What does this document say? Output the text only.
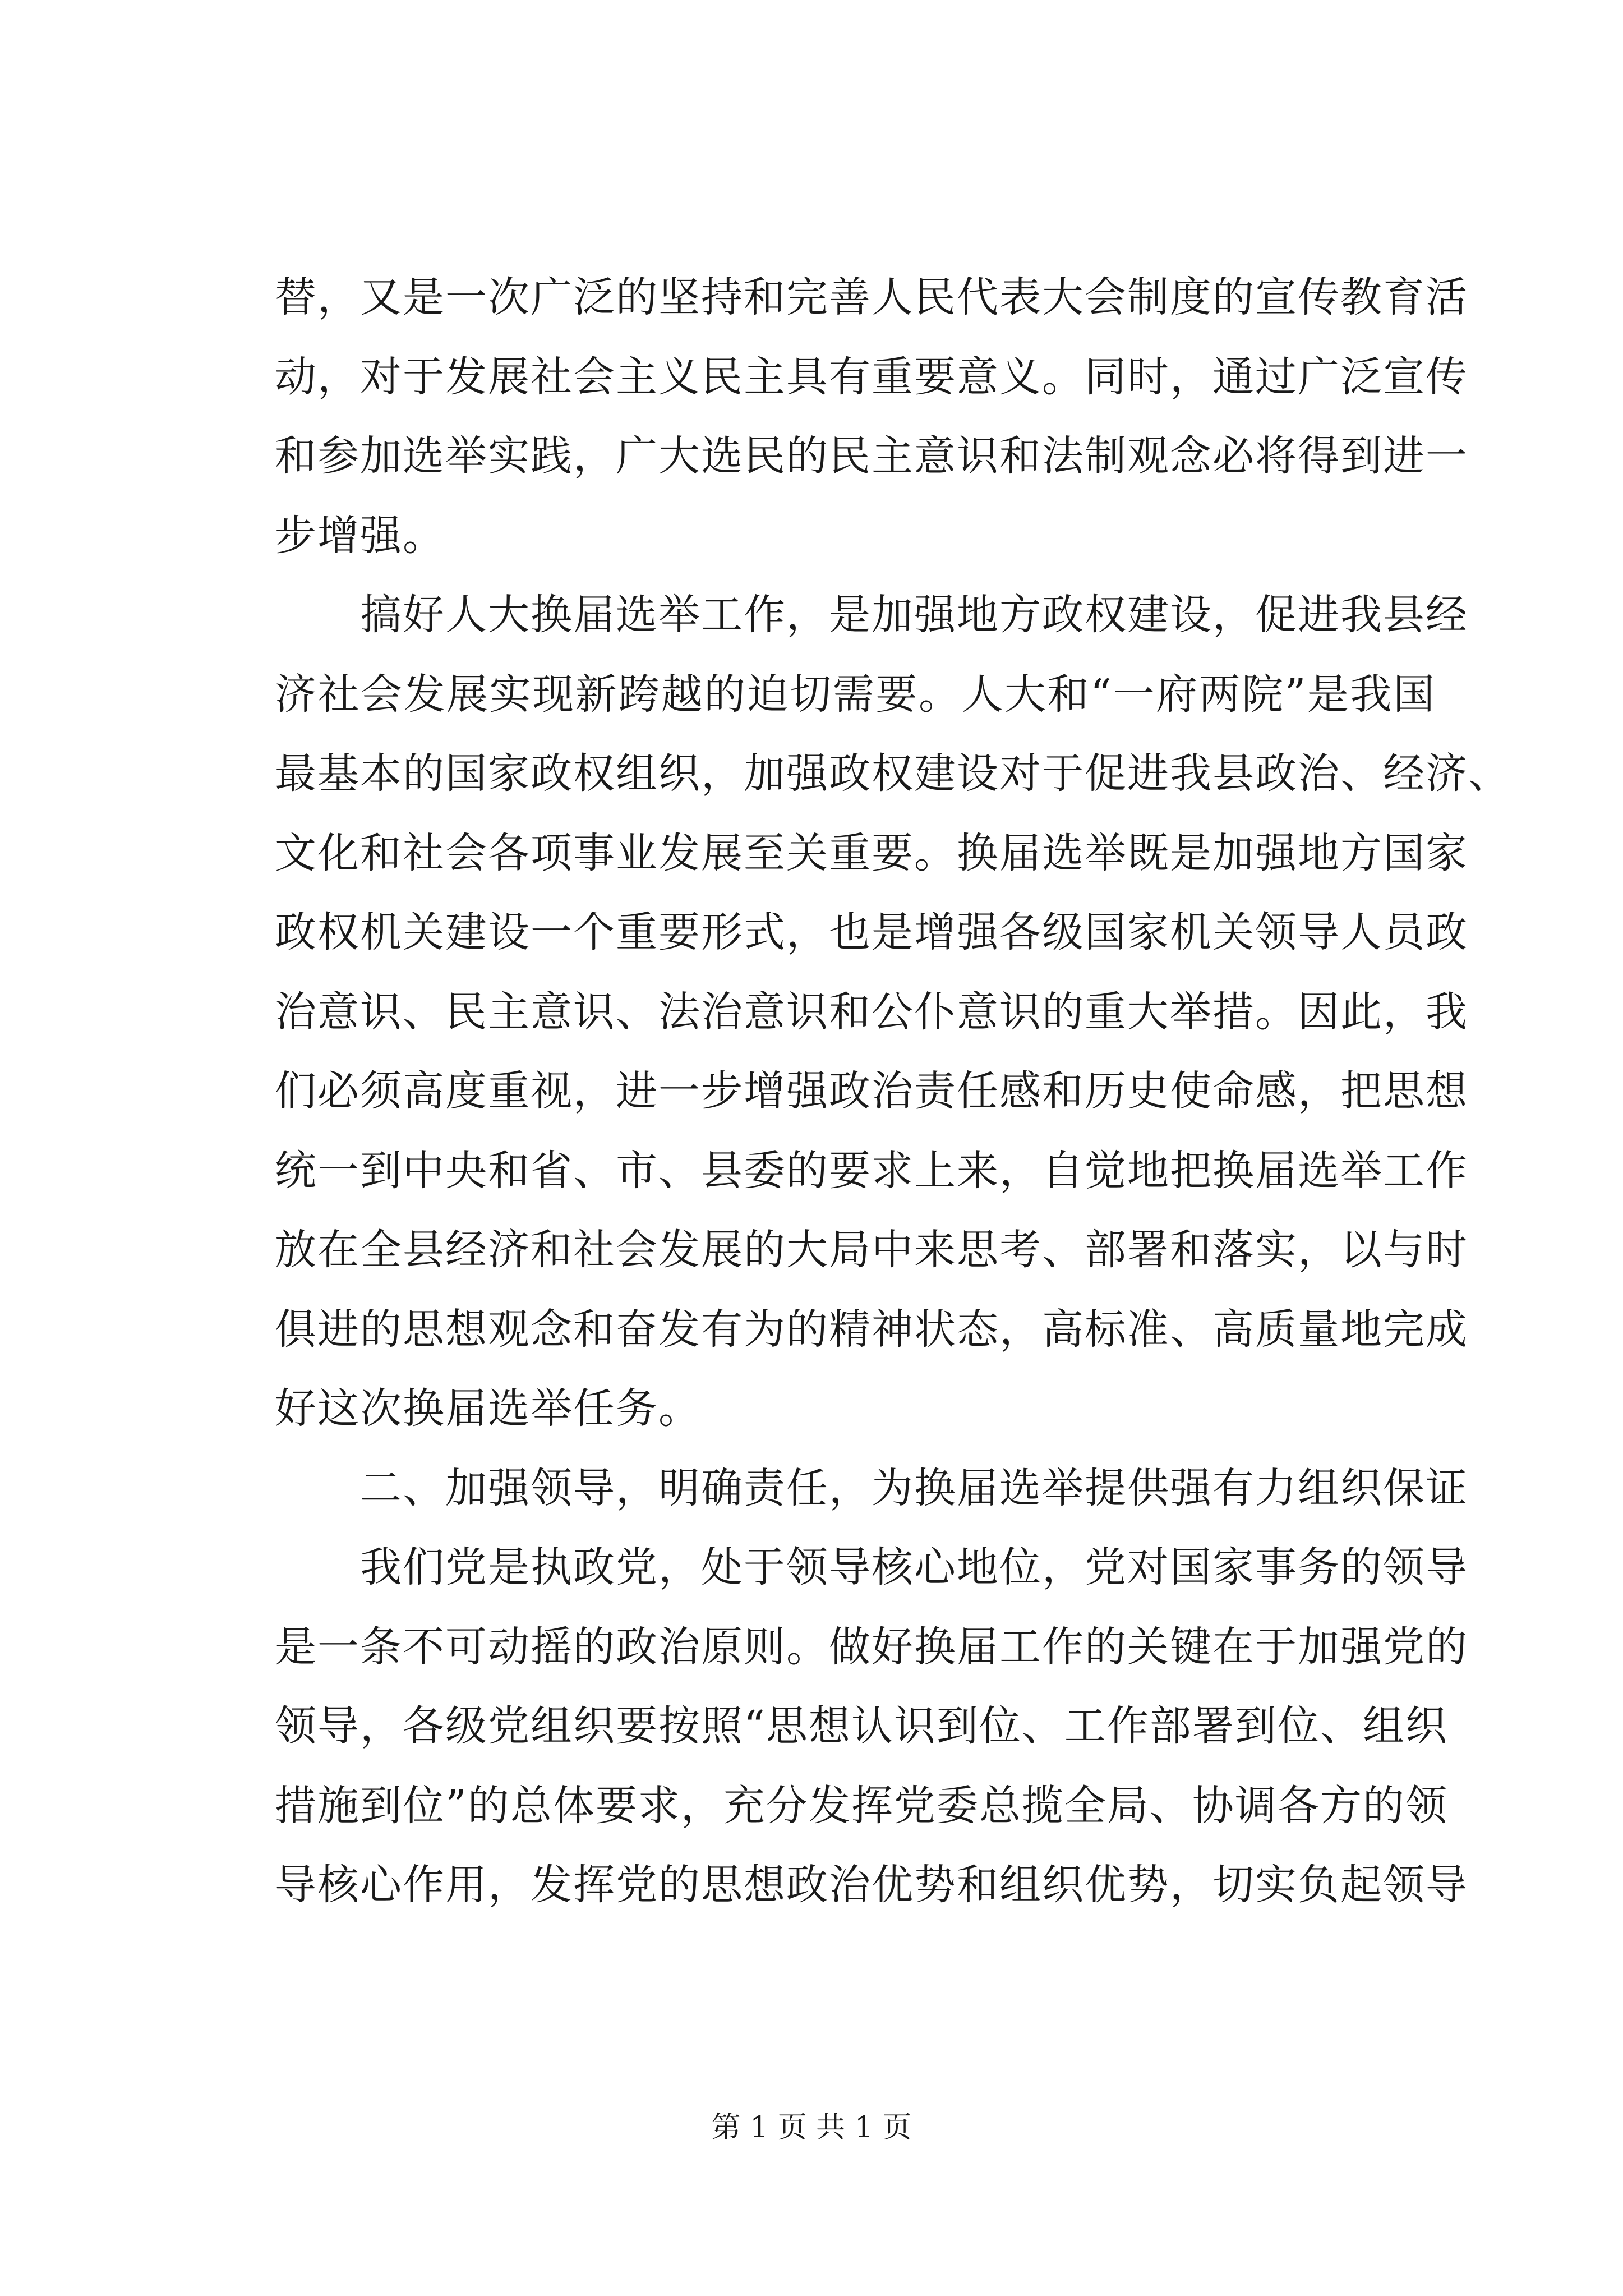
替，又是一次广泛的坚持和完善人民代表大会制度的宣传教育活
动，对于发展社会主义民主具有重要意义。同时，通过广泛宣传
和参加选举实践，广大选民的民主意识和法制观念必将得到进一
步增强。
　　搞好人大换届选举工作，是加强地方政权建设，促进我县经
济社会发展实现新跨越的迫切需要。人大和“一府两院”是我国
最基本的国家政权组织，加强政权建设对于促进我县政治、经济、
文化和社会各项事业发展至关重要。换届选举既是加强地方国家
政权机关建设一个重要形式，也是增强各级国家机关领导人员政
治意识、民主意识、法治意识和公仆意识的重大举措。因此，我
们必须高度重视，进一步增强政治责任感和历史使命感，把思想
统一到中央和省、市、县委的要求上来，自觉地把换届选举工作
放在全县经济和社会发展的大局中来思考、部署和落实，以与时
俱进的思想观念和奋发有为的精神状态，高标准、高质量地完成
好这次换届选举任务。
　　二、加强领导，明确责任，为换届选举提供强有力组织保证
　　我们党是执政党，处于领导核心地位，党对国家事务的领导
是一条不可动摇的政治原则。做好换届工作的关键在于加强党的
领导，各级党组织要按照“思想认识到位、工作部署到位、组织
措施到位”的总体要求，充分发挥党委总揽全局、协调各方的领
导核心作用，发挥党的思想政治优势和组织优势，切实负起领导
第 1 页 共 1 页
